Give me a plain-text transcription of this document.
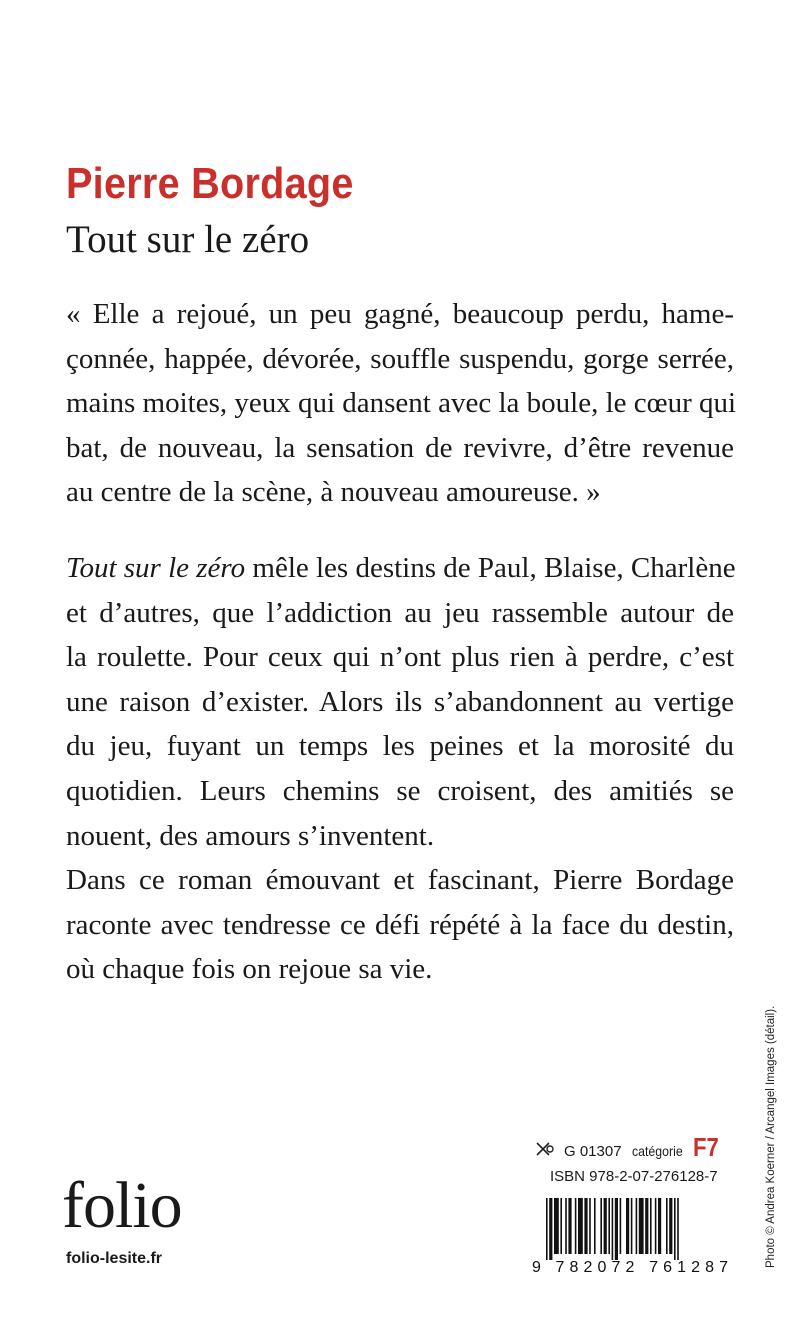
Pierre Bordage
Tout sur le zéro
« Elle a rejoué, un peu gagné, beaucoup perdu, hame-
çonnée, happée, dévorée, souffle suspendu, gorge serrée,
mains moites, yeux qui dansent avec la boule, le cœur qui
bat, de nouveau, la sensation de revivre, d’être revenue
au centre de la scène, à nouveau amoureuse. »
Tout sur le zéro mêle les destins de Paul, Blaise, Charlène
et d’autres, que l’addiction au jeu rassemble autour de
la roulette. Pour ceux qui n’ont plus rien à perdre, c’est
une raison d’exister. Alors ils s’abandonnent au vertige
du jeu, fuyant un temps les peines et la morosité du
quotidien. Leurs chemins se croisent, des amitiés se
nouent, des amours s’inventent.
Dans ce roman émouvant et fascinant, Pierre Bordage
raconte avec tendresse ce défi répété à la face du destin,
où chaque fois on rejoue sa vie.
Photo © Andrea Koerner / Arcangel Images (détail).
G 01307 catégorie F7
ISBN 978-2-07-276128-7
9 782072 761287
folio
folio-lesite.fr
